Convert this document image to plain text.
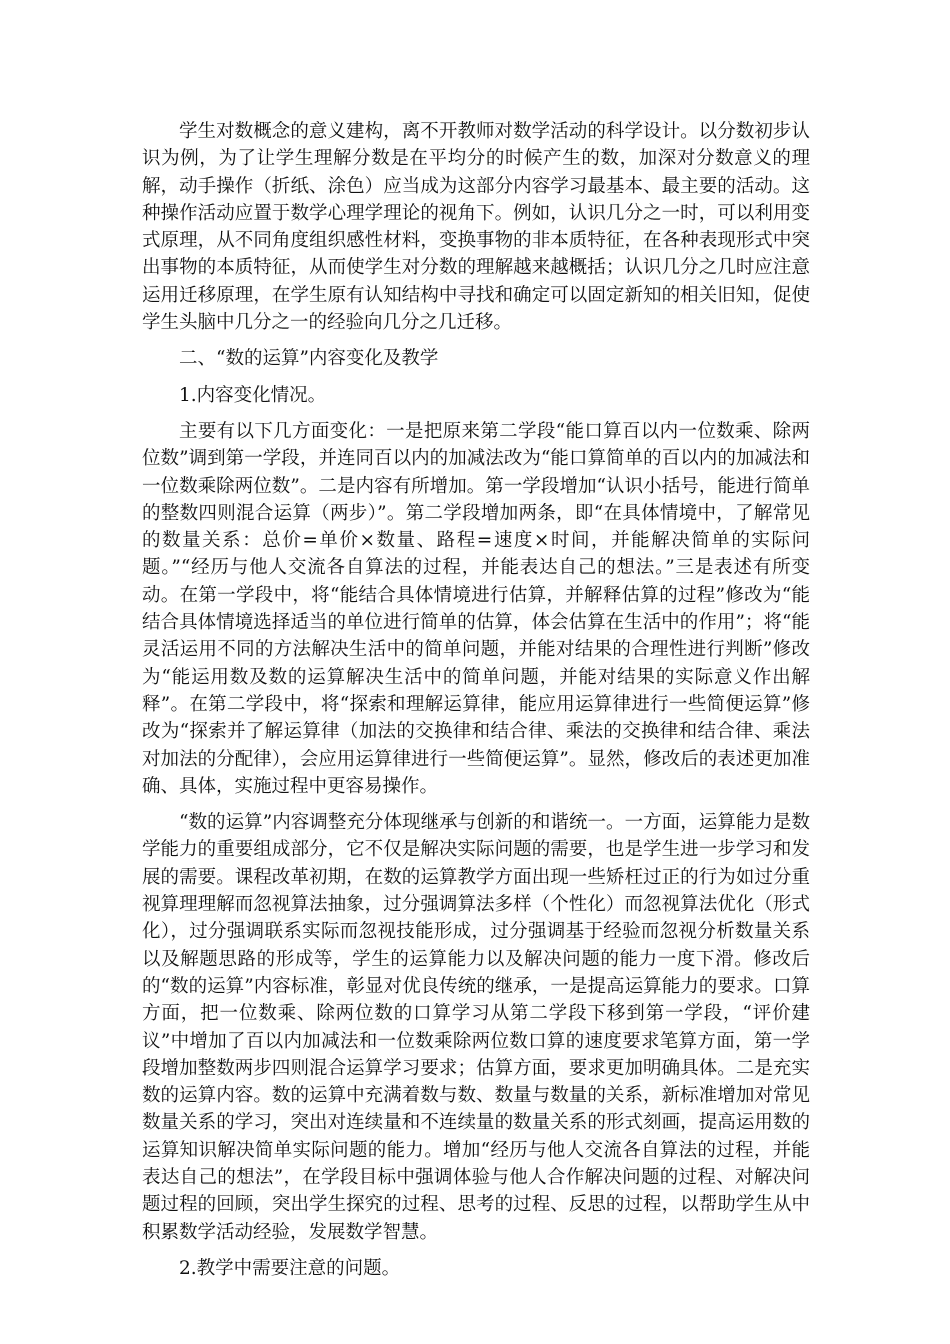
学生对数概念的意义建构，离不开教师对数学活动的科学设计。以分数初步认识为例，为了让学生理解分数是在平均分的时候产生的数，加深对分数意义的理解，动手操作（折纸、涂色）应当成为这部分内容学习最基本、最主要的活动。这种操作活动应置于数学心理学理论的视角下。例如，认识几分之一时，可以利用变式原理，从不同角度组织感性材料，变换事物的非本质特征，在各种表现形式中突出事物的本质特征，从而使学生对分数的理解越来越概括；认识几分之几时应注意运用迁移原理，在学生原有认知结构中寻找和确定可以固定新知的相关旧知，促使学生头脑中几分之一的经验向几分之几迁移。

二、“数的运算”内容变化及教学

1.内容变化情况。

主要有以下几方面变化：一是把原来第二学段“能口算百以内一位数乘、除两位数”调到第一学段，并连同百以内的加减法改为“能口算简单的百以内的加减法和一位数乘除两位数”。二是内容有所增加。第一学段增加“认识小括号，能进行简单的整数四则混合运算（两步）”。第二学段增加两条，即“在具体情境中，了解常见的数量关系：总价=单价×数量、路程=速度×时间，并能解决简单的实际问题。”“经历与他人交流各自算法的过程，并能表达自己的想法。”三是表述有所变动。在第一学段中，将“能结合具体情境进行估算，并解释估算的过程”修改为“能结合具体情境选择适当的单位进行简单的估算，体会估算在生活中的作用”；将“能灵活运用不同的方法解决生活中的简单问题，并能对结果的合理性进行判断”修改为“能运用数及数的运算解决生活中的简单问题，并能对结果的实际意义作出解释”。在第二学段中，将“探索和理解运算律，能应用运算律进行一些简便运算”修改为“探索并了解运算律（加法的交换律和结合律、乘法的交换律和结合律、乘法对加法的分配律），会应用运算律进行一些简便运算”。显然，修改后的表述更加准确、具体，实施过程中更容易操作。

“数的运算”内容调整充分体现继承与创新的和谐统一。一方面，运算能力是数学能力的重要组成部分，它不仅是解决实际问题的需要，也是学生进一步学习和发展的需要。课程改革初期，在数的运算教学方面出现一些矫枉过正的行为如过分重视算理理解而忽视算法抽象，过分强调算法多样（个性化）而忽视算法优化（形式化），过分强调联系实际而忽视技能形成，过分强调基于经验而忽视分析数量关系以及解题思路的形成等，学生的运算能力以及解决问题的能力一度下滑。修改后的“数的运算”内容标准，彰显对优良传统的继承，一是提高运算能力的要求。口算方面，把一位数乘、除两位数的口算学习从第二学段下移到第一学段，“评价建议”中增加了百以内加减法和一位数乘除两位数口算的速度要求笔算方面，第一学段增加整数两步四则混合运算学习要求；估算方面，要求更加明确具体。二是充实数的运算内容。数的运算中充满着数与数、数量与数量的关系，新标准增加对常见数量关系的学习，突出对连续量和不连续量的数量关系的形式刻画，提高运用数的运算知识解决简单实际问题的能力。增加“经历与他人交流各自算法的过程，并能表达自己的想法”，在学段目标中强调体验与他人合作解决问题的过程、对解决问题过程的回顾，突出学生探究的过程、思考的过程、反思的过程，以帮助学生从中积累数学活动经验，发展数学智慧。

2.教学中需要注意的问题。
